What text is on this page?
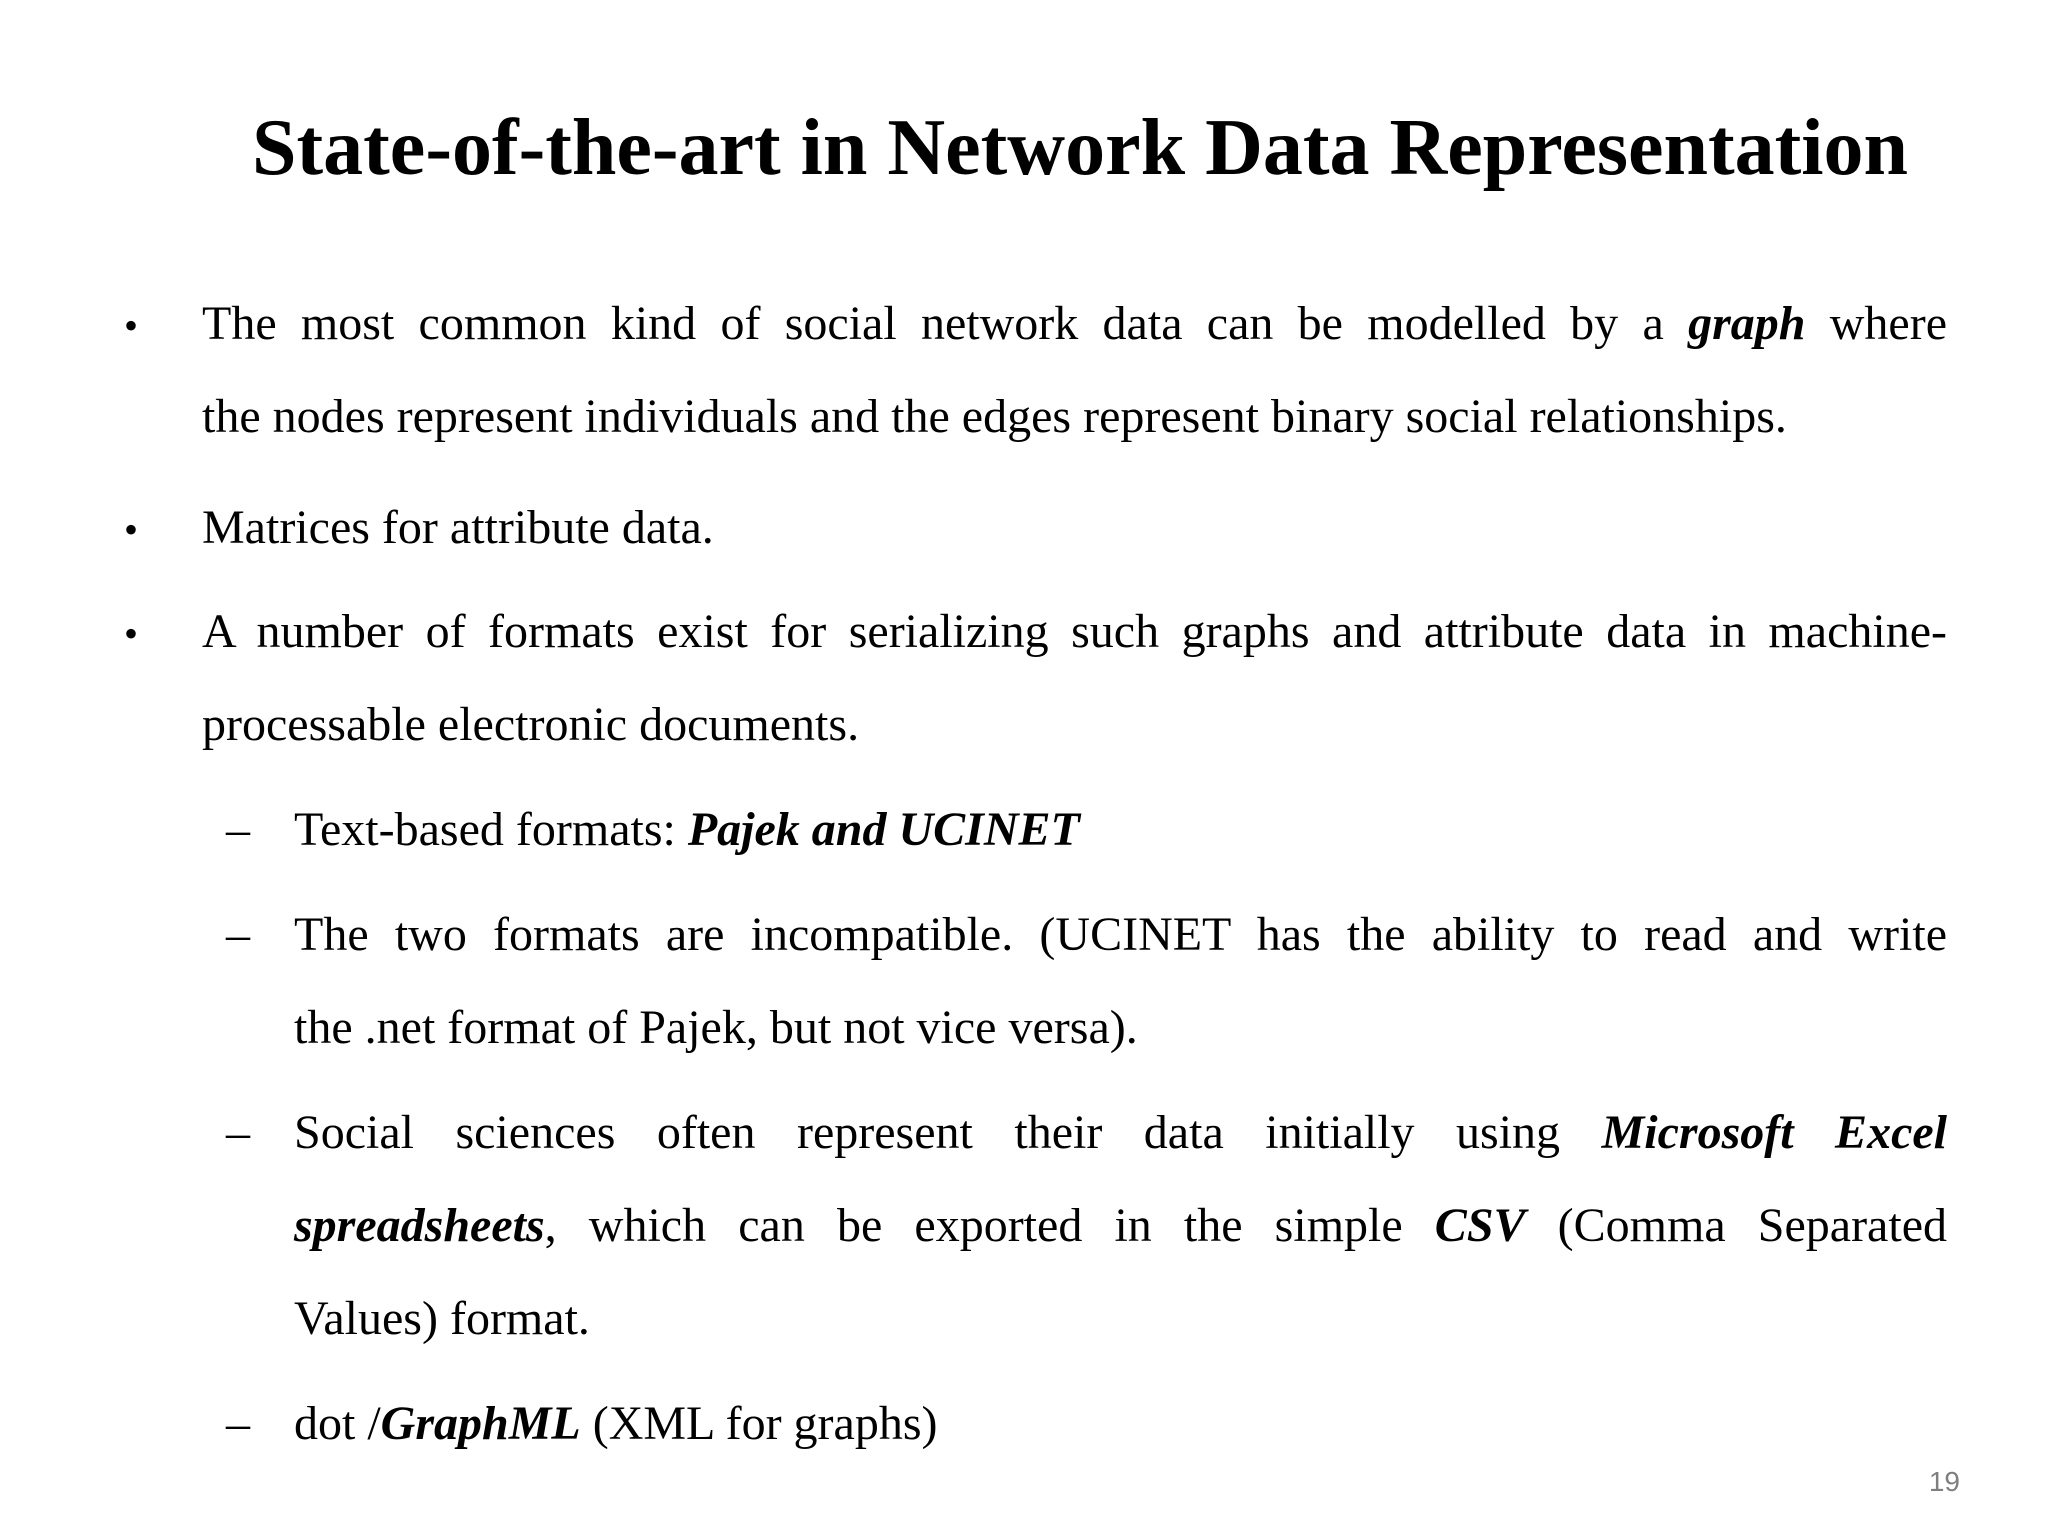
State-of-the-art in Network Data Representation
• The most common kind of social network data can be modelled by a graph where
the nodes represent individuals and the edges represent binary social relationships.
• Matrices for attribute data.
• A number of formats exist for serializing such graphs and attribute data in machine-
processable electronic documents.
– Text-based formats: Pajek and UCINET
– The two formats are incompatible. (UCINET has the ability to read and write
the .net format of Pajek, but not vice versa).
– Social sciences often represent their data initially using Microsoft Excel
spreadsheets, which can be exported in the simple CSV (Comma Separated
Values) format.
– dot /GraphML (XML for graphs)
19
